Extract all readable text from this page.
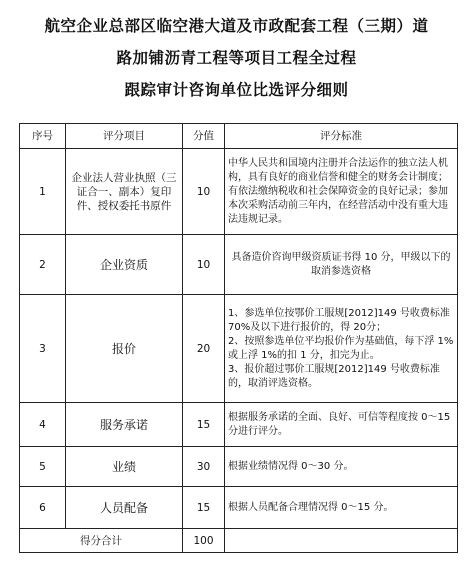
航空企业总部区临空港大道及市政配套工程（三期）道
路加铺沥青工程等项目工程全过程
跟踪审计咨询单位比选评分细则
序号	评分项目	分值	评分标准
1	企业法人营业执照（三证合一、副本）复印件、授权委托书原件	10	中华人民共和国境内注册并合法运作的独立法人机构，具有良好的商业信誉和健全的财务会计制度；有依法缴纳税收和社会保障资金的良好记录；参加本次采购活动前三年内，在经营活动中没有重大违法违规记录。
2	企业资质	10	具备造价咨询甲级资质证书得 10 分，甲级以下的取消参选资格
3	报价	20	1、参选单位按鄂价工服规[2012]149 号收费标准 70%及以下进行报价的，得 20分；
2、按照参选单位平均报价作为基础值，每下浮 1%或上浮 1%的扣 1 分，扣完为止。
3、报价超过鄂价工服规[2012]149 号收费标准的，取消评选资格。

4	服务承诺	15	根据服务承诺的全面、良好、可信等程度按 0～15 分进行评分。
5	业绩	30	根据业绩情况得 0～30 分。
6	人员配备	15	根据人员配备合理情况得 0～15 分。
得分合计		100	
